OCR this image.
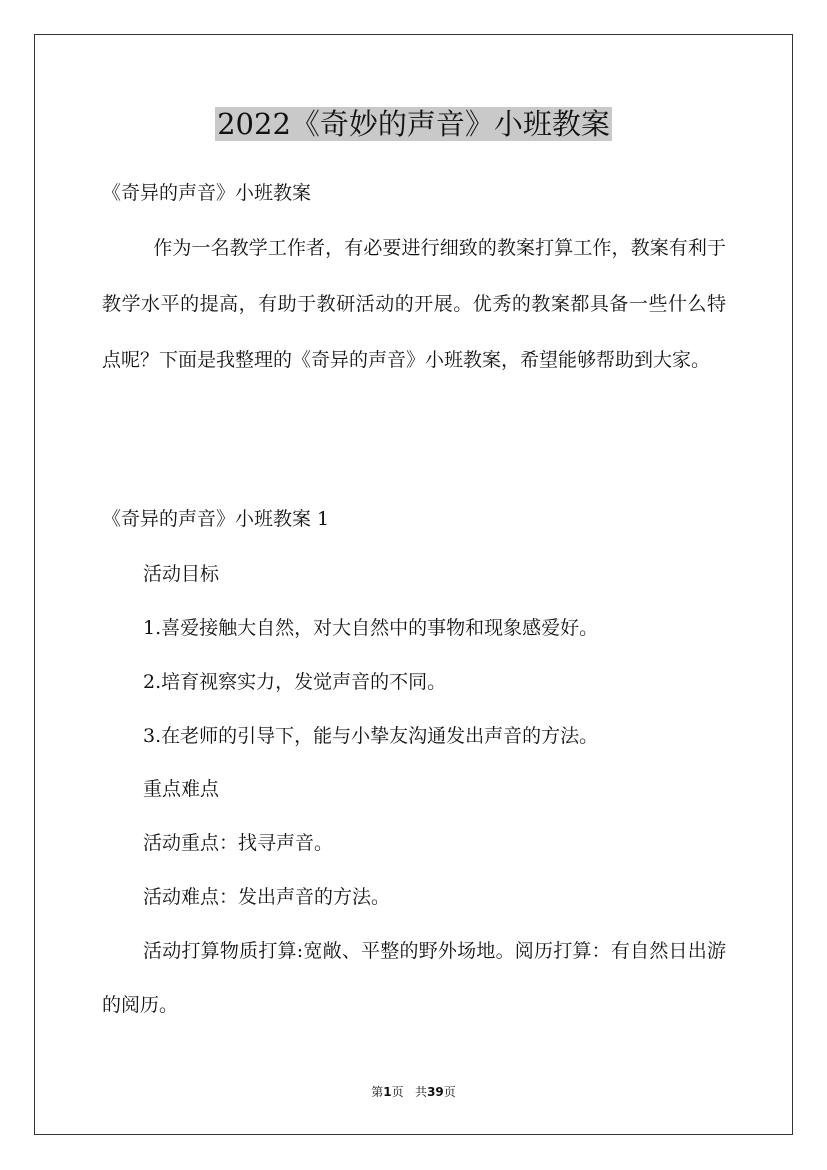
2022《奇妙的声音》小班教案

《奇异的声音》小班教案

作为一名教学工作者，有必要进行细致的教案打算工作，教案有利于教学水平的提高，有助于教研活动的开展。优秀的教案都具备一些什么特点呢？下面是我整理的《奇异的声音》小班教案，希望能够帮助到大家。

《奇异的声音》小班教案 1

活动目标

1.喜爱接触大自然，对大自然中的事物和现象感爱好。

2.培育视察实力，发觉声音的不同。

3.在老师的引导下，能与小挚友沟通发出声音的方法。

重点难点

活动重点：找寻声音。

活动难点：发出声音的方法。

活动打算物质打算:宽敞、平整的野外场地。阅历打算：有自然日出游的阅历。

第1页 共39页
